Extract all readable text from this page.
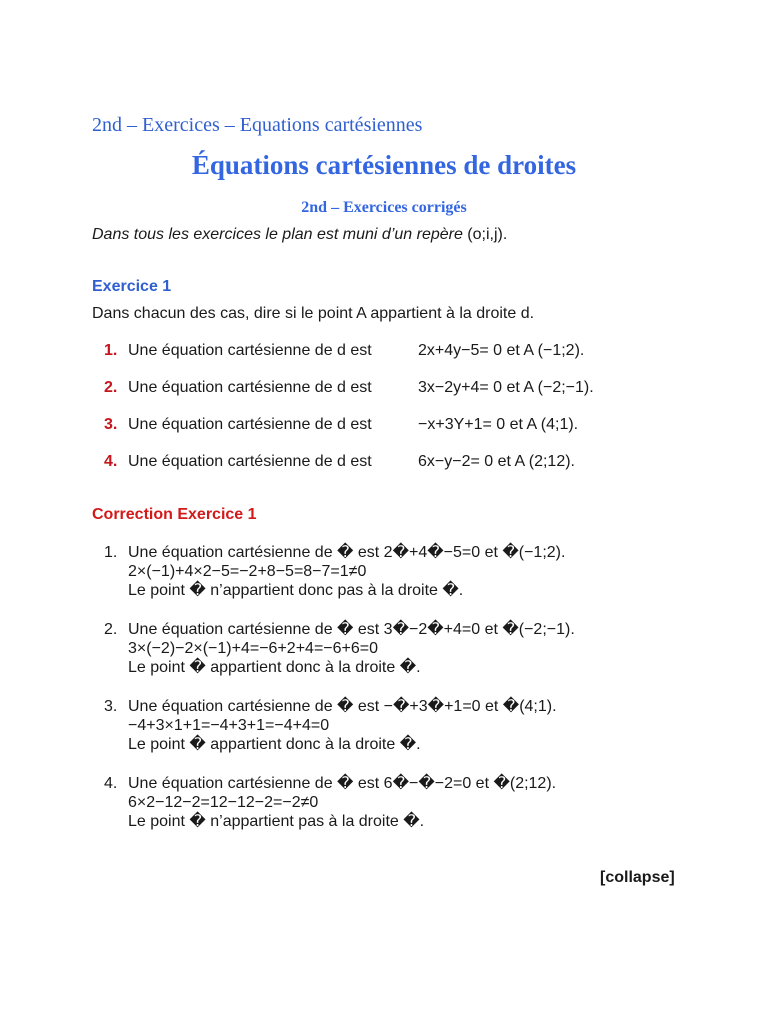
2nd – Exercices – Equations cartésiennes
Équations cartésiennes de droites
2nd – Exercices corrigés
Dans tous les exercices le plan est muni d’un repère (o;i,j).
Exercice 1
Dans chacun des cas, dire si le point A appartient à la droite d.
1. Une équation cartésienne de d est	2x+4y−5= 0 et A (−1;2).
2. Une équation cartésienne de d est	3x−2y+4= 0 et A (−2;−1).
3. Une équation cartésienne de d est	−x+3Y+1= 0 et A (4;1).
4. Une équation cartésienne de d est	6x−y−2= 0 et A (2;12).
Correction Exercice 1
1. Une équation cartésienne de � est 2�+4�−5=0 et �(−1;2).
2×(−1)+4×2−5=−2+8−5=8−7=1≠0
Le point � n’appartient donc pas à la droite �.
2. Une équation cartésienne de � est 3�−2�+4=0 et �(−2;−1).
3×(−2)−2×(−1)+4=−6+2+4=−6+6=0
Le point � appartient donc à la droite �.
3. Une équation cartésienne de � est −�+3�+1=0 et �(4;1).
−4+3×1+1=−4+3+1=−4+4=0
Le point � appartient donc à la droite �.
4. Une équation cartésienne de � est 6�−�−2=0 et �(2;12).
6×2−12−2=12−12−2=−2≠0
Le point � n’appartient pas à la droite �.
[collapse]
